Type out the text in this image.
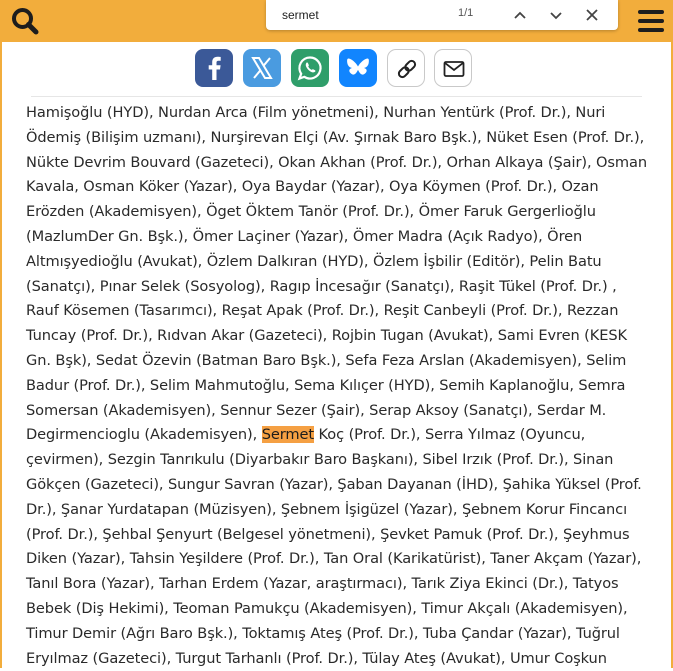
sermet
1/1
Hamişoğlu (HYD), Nurdan Arca (Film yönetmeni), Nurhan Yentürk (Prof. Dr.), Nuri Ödemiş (Bilişim uzmanı), Nurşirevan Elçi (Av. Şırnak Baro Bşk.), Nüket Esen (Prof. Dr.), Nükte Devrim Bouvard (Gazeteci), Okan Akhan (Prof. Dr.), Orhan Alkaya (Şair), Osman Kavala, Osman Köker (Yazar), Oya Baydar (Yazar), Oya Köymen (Prof. Dr.), Ozan Erözden (Akademisyen), Öget Öktem Tanör (Prof. Dr.), Ömer Faruk Gergerlioğlu (MazlumDer Gn. Bşk.), Ömer Laçiner (Yazar), Ömer Madra (Açık Radyo), Ören Altmışyedioğlu (Avukat), Özlem Dalkıran (HYD), Özlem İşbilir (Editör), Pelin Batu (Sanatçı), Pınar Selek (Sosyolog), Ragıp İncesağır (Sanatçı), Raşit Tükel (Prof. Dr.) , Rauf Kösemen (Tasarımcı), Reşat Apak (Prof. Dr.), Reşit Canbeyli (Prof. Dr.), Rezzan Tuncay (Prof. Dr.), Rıdvan Akar (Gazeteci), Rojbin Tugan (Avukat), Sami Evren (KESK Gn. Bşk), Sedat Özevin (Batman Baro Bşk.), Sefa Feza Arslan (Akademisyen), Selim Badur (Prof. Dr.), Selim Mahmutoğlu, Sema Kılıçer (HYD), Semih Kaplanoğlu, Semra Somersan (Akademisyen), Sennur Sezer (Şair), Serap Aksoy (Sanatçı), Serdar M. Degirmencioglu (Akademisyen), Sermet Koç (Prof. Dr.), Serra Yılmaz (Oyuncu, çevirmen), Sezgin Tanrıkulu (Diyarbakır Baro Başkanı), Sibel Irzık (Prof. Dr.), Sinan Gökçen (Gazeteci), Sungur Savran (Yazar), Şaban Dayanan (İHD), Şahika Yüksel (Prof. Dr.), Şanar Yurdatapan (Müzisyen), Şebnem İşigüzel (Yazar), Şebnem Korur Fincancı (Prof. Dr.), Şehbal Şenyurt (Belgesel yönetmeni), Şevket Pamuk (Prof. Dr.), Şeyhmus Diken (Yazar), Tahsin Yeşildere (Prof. Dr.), Tan Oral (Karikatürist), Taner Akçam (Yazar), Tanıl Bora (Yazar), Tarhan Erdem (Yazar, araştırmacı), Tarık Ziya Ekinci (Dr.), Tatyos Bebek (Diş Hekimi), Teoman Pamukçu (Akademisyen), Timur Akçalı (Akademisyen), Timur Demir (Ağrı Baro Bşk.), Toktamış Ateş (Prof. Dr.), Tuba Çandar (Yazar), Tuğrul Eryılmaz (Gazeteci), Turgut Tarhanlı (Prof. Dr.), Tülay Ateş (Avukat), Umur Coşkun
